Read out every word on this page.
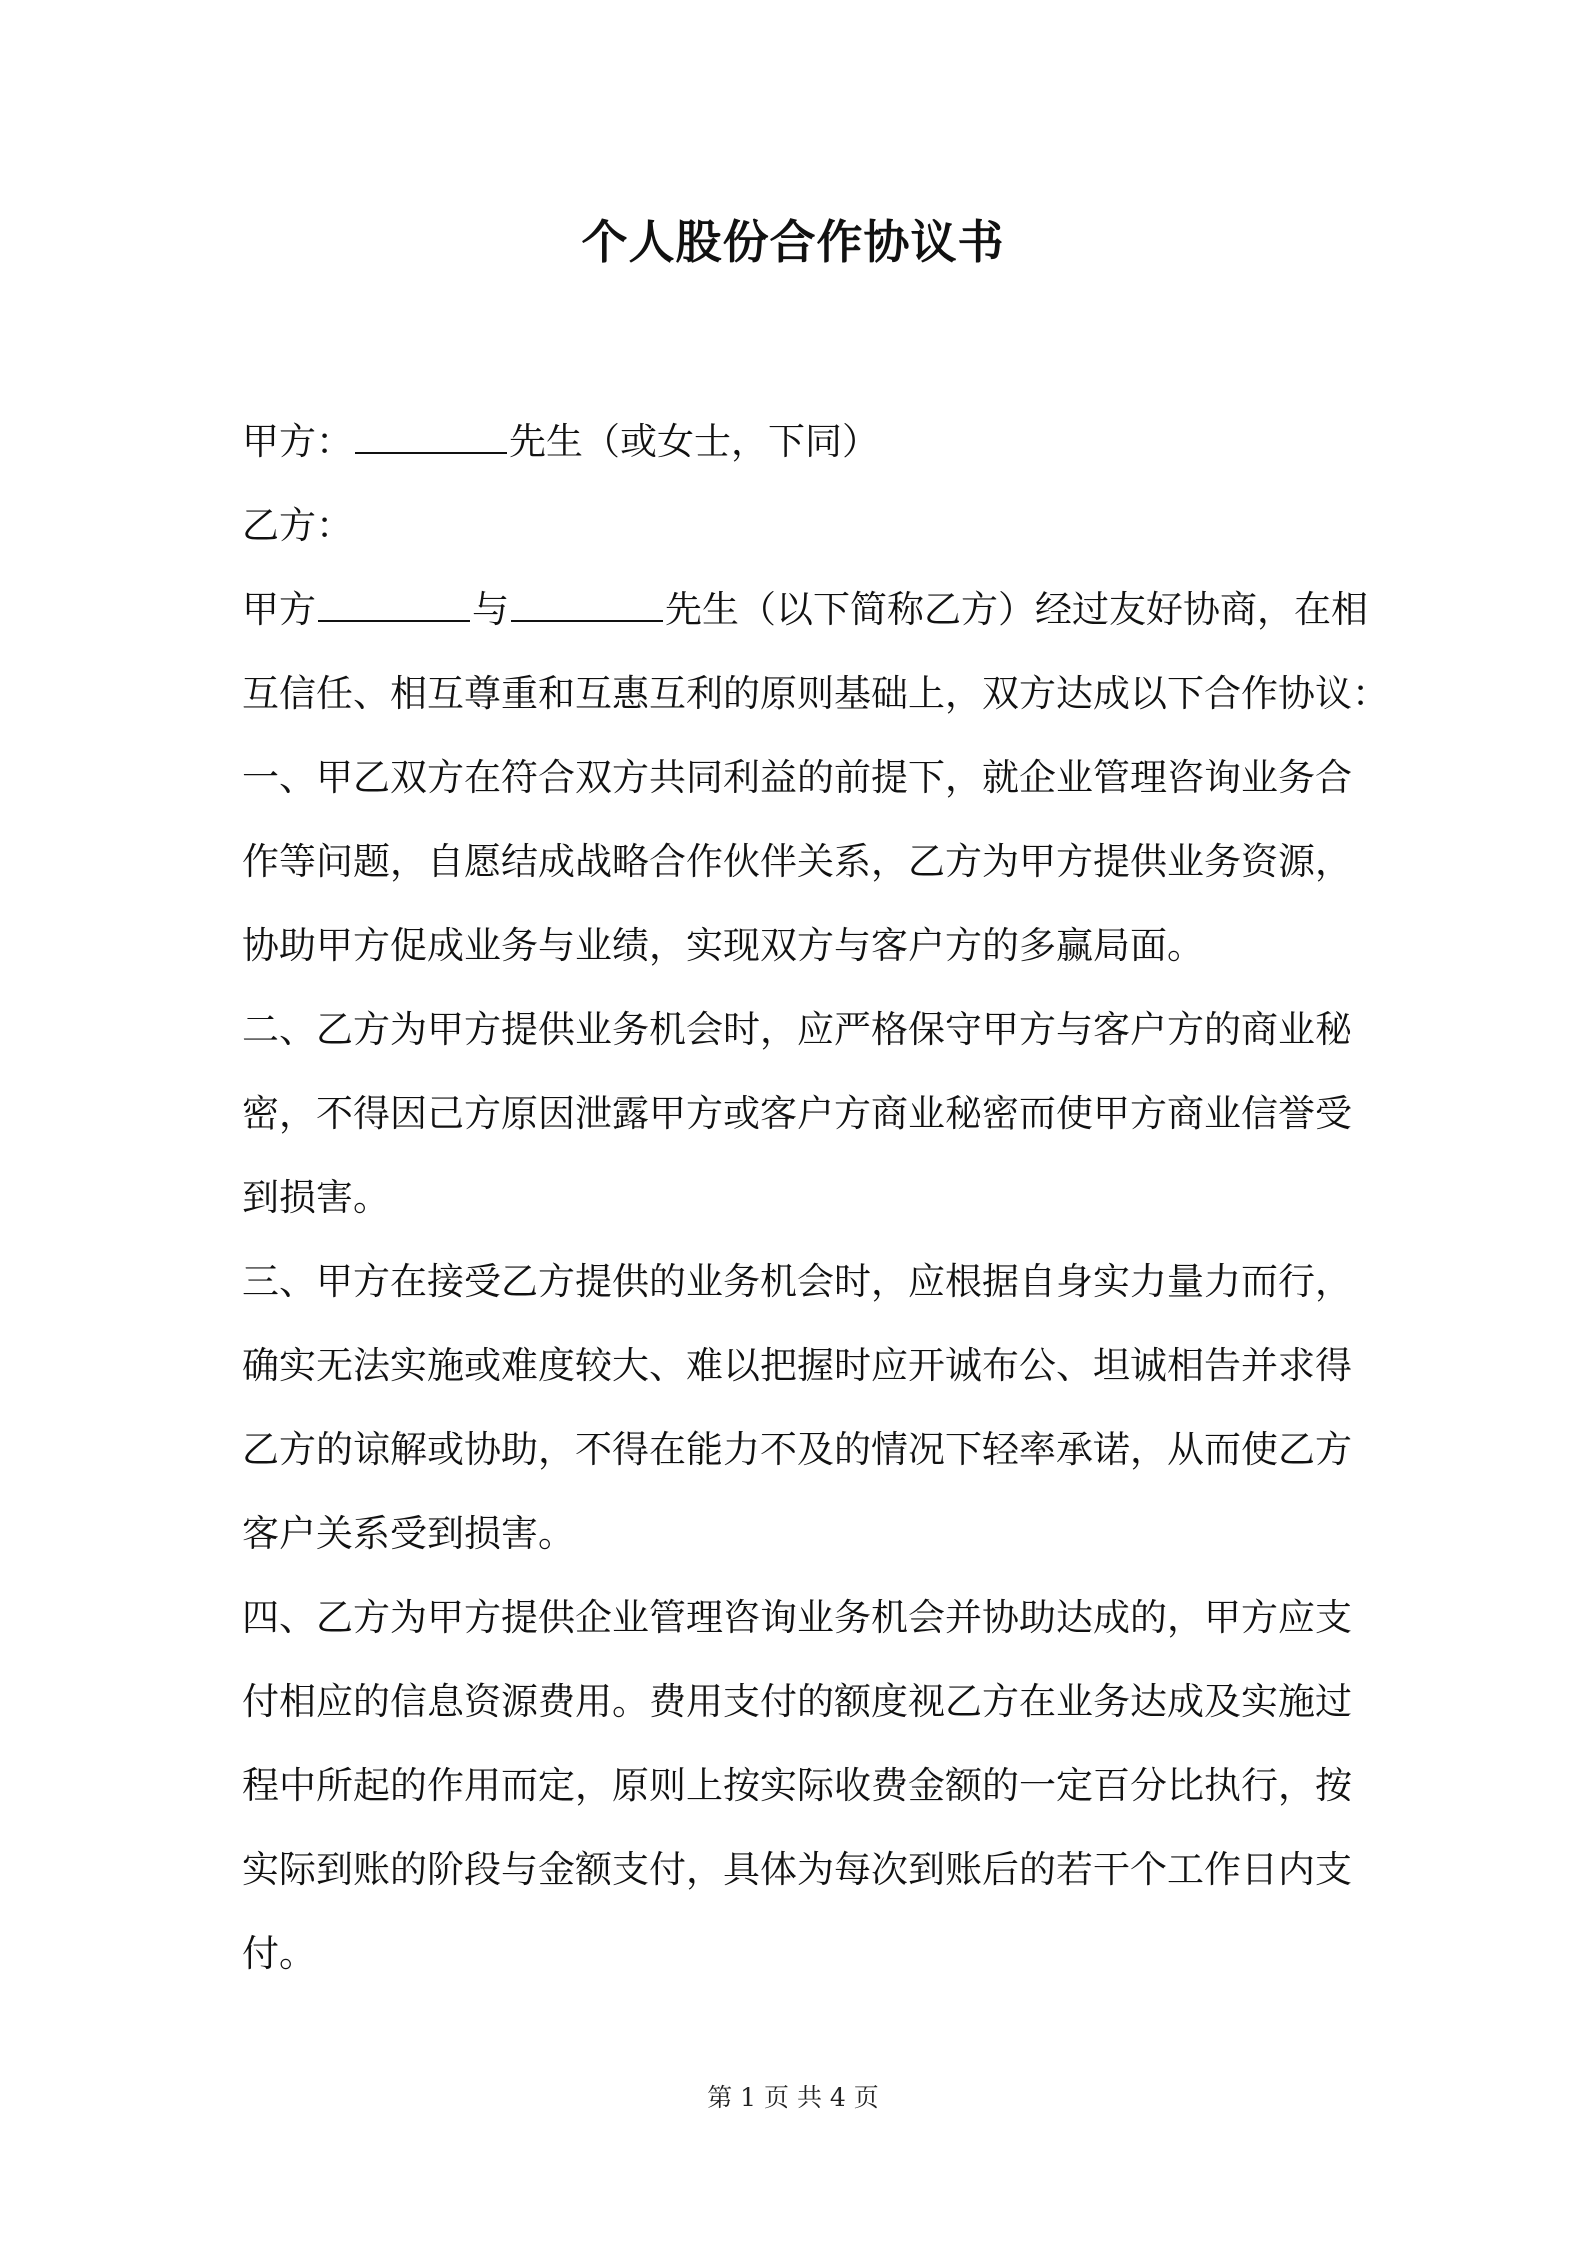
个人股份合作协议书
甲方：	先生（或女士，下同）
乙方：
甲方	与	先生（以下简称乙方）经过友好协商，在相
互信任、相互尊重和互惠互利的原则基础上，双方达成以下合作协议：
一、甲乙双方在符合双方共同利益的前提下，就企业管理咨询业务合
作等问题，自愿结成战略合作伙伴关系，乙方为甲方提供业务资源，
协助甲方促成业务与业绩，实现双方与客户方的多赢局面。
二、乙方为甲方提供业务机会时，应严格保守甲方与客户方的商业秘
密，不得因己方原因泄露甲方或客户方商业秘密而使甲方商业信誉受
到损害。
三、甲方在接受乙方提供的业务机会时，应根据自身实力量力而行，
确实无法实施或难度较大、难以把握时应开诚布公、坦诚相告并求得
乙方的谅解或协助，不得在能力不及的情况下轻率承诺，从而使乙方
客户关系受到损害。
四、乙方为甲方提供企业管理咨询业务机会并协助达成的，甲方应支
付相应的信息资源费用。费用支付的额度视乙方在业务达成及实施过
程中所起的作用而定，原则上按实际收费金额的一定百分比执行，按
实际到账的阶段与金额支付，具体为每次到账后的若干个工作日内支
付。
第 1 页 共 4 页
